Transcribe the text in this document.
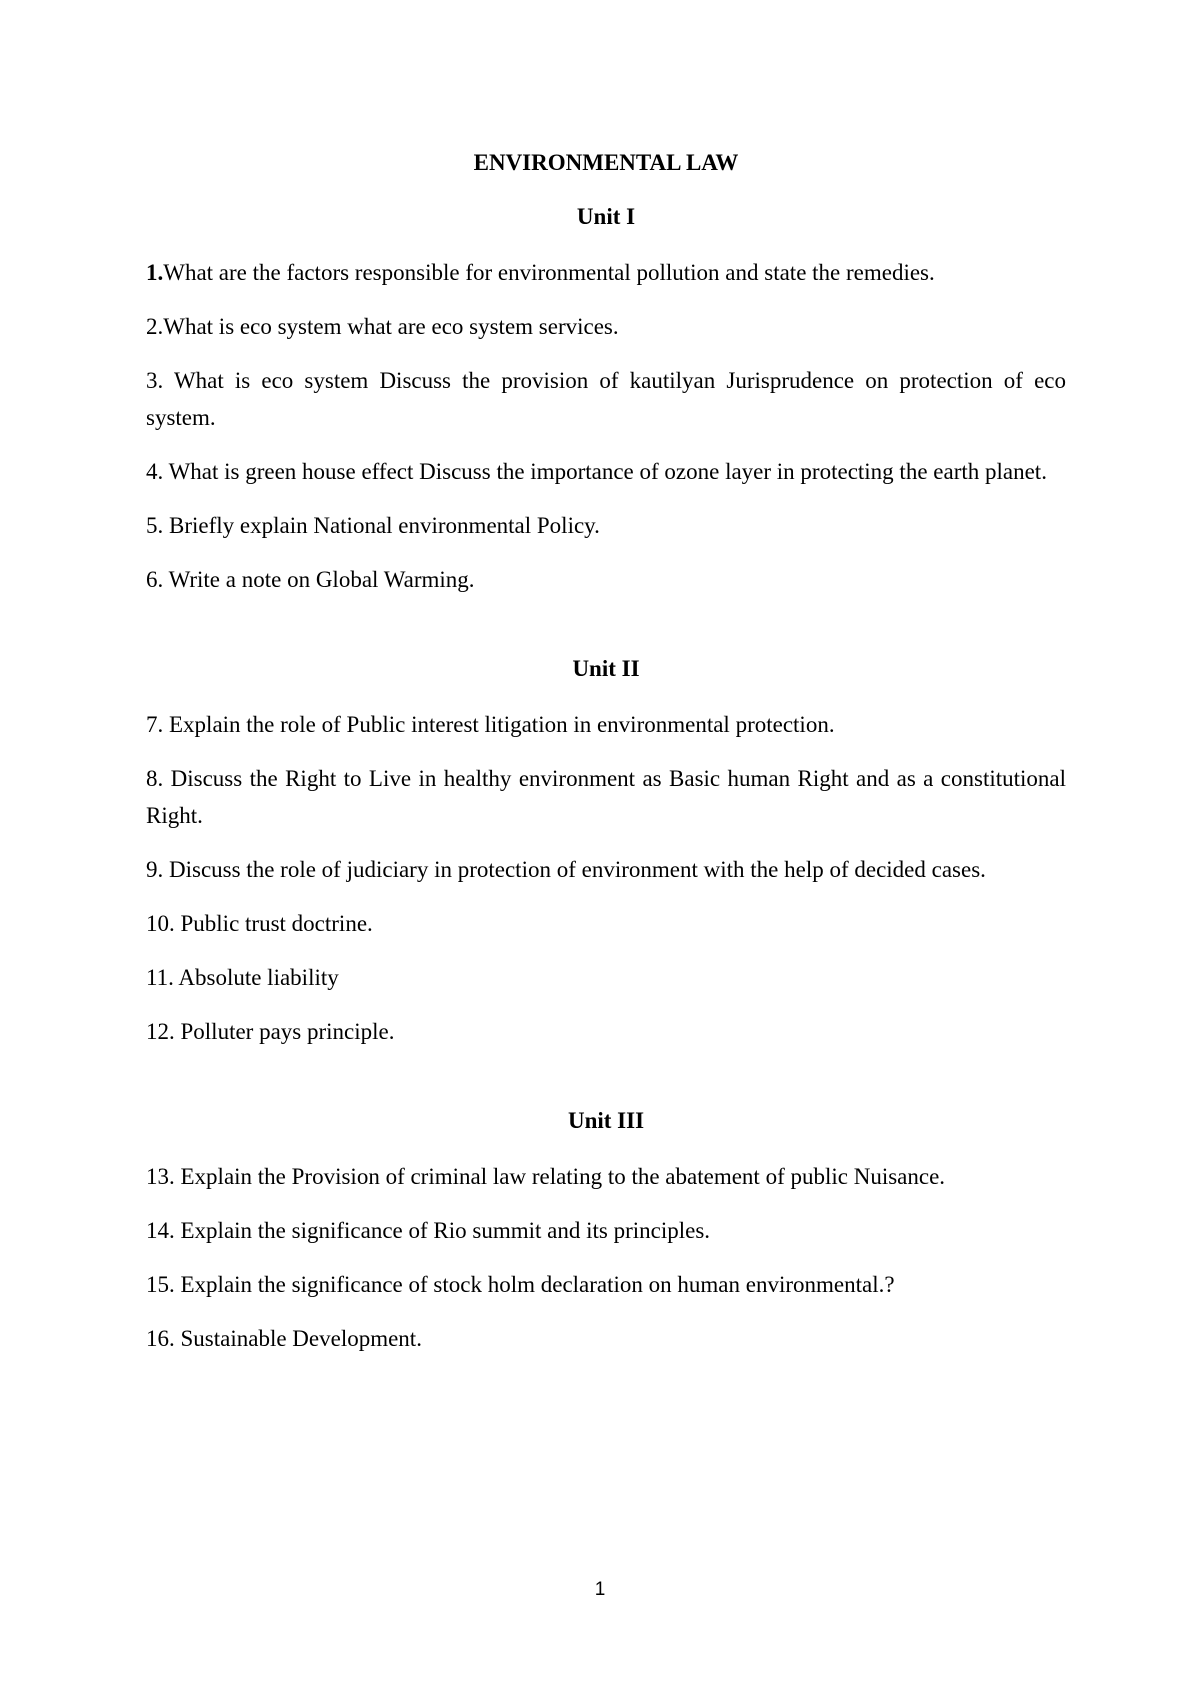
ENVIRONMENTAL LAW
Unit I

1.What are the factors responsible for environmental pollution and state the remedies.

2.What is eco system what are eco system services.

3. What is eco system Discuss the provision of kautilyan Jurisprudence on protection of eco system.

4. What is green house effect Discuss the importance of ozone layer in protecting the earth planet.

5. Briefly explain National environmental Policy.

6. Write a note on Global Warming.

Unit II

7. Explain the role of Public interest litigation in environmental protection.

8. Discuss the Right to Live in healthy environment as Basic human Right and as a constitutional Right.

9. Discuss the role of judiciary in protection of environment with the help of decided cases.

10. Public trust doctrine.

11. Absolute liability

12. Polluter pays principle.

Unit III

13. Explain the Provision of criminal law relating to the abatement of public Nuisance.

14. Explain the significance of Rio summit and its principles.

15. Explain the significance of stock holm declaration on human environmental.?

16. Sustainable Development.

1
